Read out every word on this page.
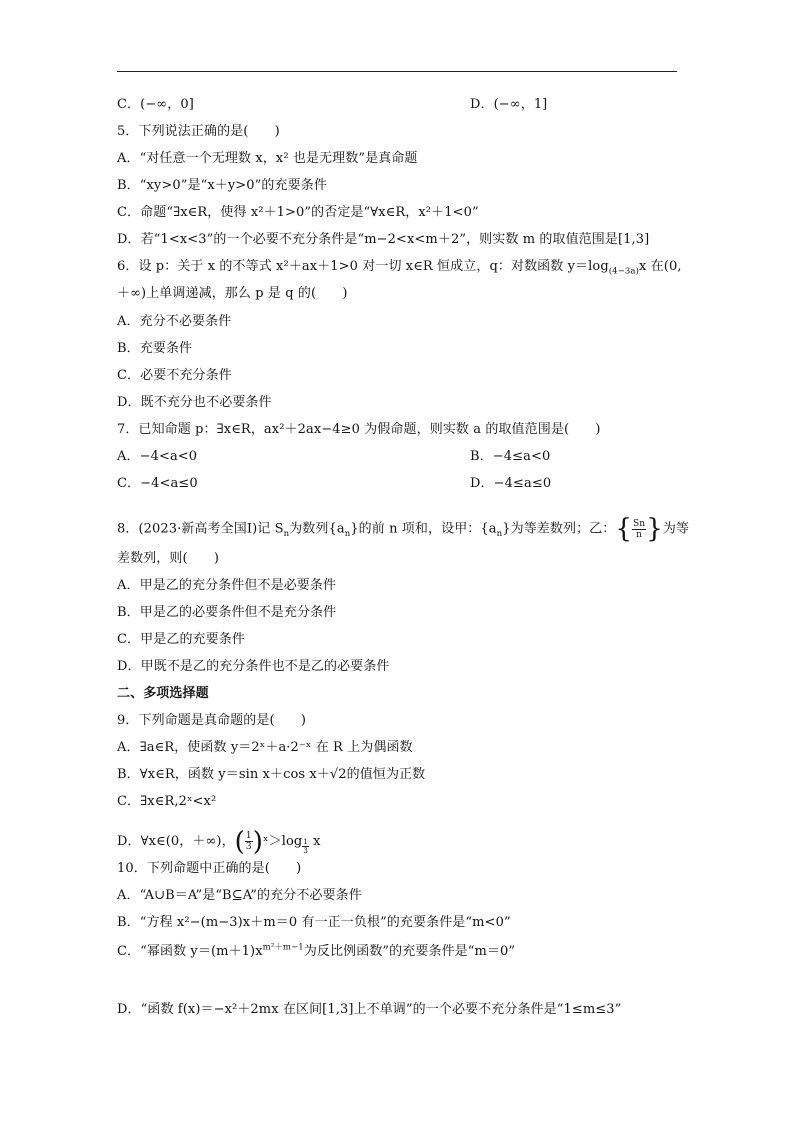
C．(−∞，0]	D．(−∞，1]
5．下列说法正确的是(　　)
A．“对任意一个无理数 x，x² 也是无理数”是真命题
B．“xy>0”是“x＋y>0”的充要条件
C．命题“∃x∈R，使得 x²＋1>0”的否定是“∀x∈R，x²＋1<0”
D．若“1<x<3”的一个必要不充分条件是“m−2<x<m＋2”，则实数 m 的取值范围是[1,3]
6．设 p：关于 x 的不等式 x²＋ax＋1>0 对一切 x∈R 恒成立，q：对数函数 $y=\log_{(4-3a)}x$ 在(0,
＋∞)上单调递减，那么 p 是 q 的(　　)
A．充分不必要条件
B．充要条件
C．必要不充分条件
D．既不充分也不必要条件
7．已知命题 p：∃x∈R，ax²＋2ax−4≥0 为假命题，则实数 a 的取值范围是(　　)
A．−4<a<0	B．−4≤a<0
C．−4<a≤0	D．−4≤a≤0
8．(2023·新高考全国Ⅰ)记 $S_n$为数列$\{a_n\}$的前 n 项和，设甲：$\{a_n\}$为等差数列；乙： { $\frac{Sn}{n}$ } 为等
差数列，则(　　)
A．甲是乙的充分条件但不是必要条件
B．甲是乙的必要条件但不是充分条件
C．甲是乙的充要条件
D．甲既不是乙的充分条件也不是乙的必要条件
二、多项选择题
9．下列命题是真命题的是(　　)
A．∃a∈R，使函数 y＝2ˣ＋a·2⁻ˣ 在 R 上为偶函数
B．∀x∈R，函数 y＝sin x＋cos x＋√2的值恒为正数
C．∃x∈R,2ˣ<x²
D．∀x∈(0，＋∞)， ( $\frac{1}{3}$ ) ˣ＞log $\frac{1}{3}$ x
10．下列命题中正确的是(　　)
A．“A∪B＝A”是“B⊆A”的充分不必要条件
B．“方程 x²−(m−3)x＋m＝0 有一正一负根”的充要条件是“m<0”
C．“幂函数 $y=(m+1)x^{m^2+m-1}$为反比例函数”的充要条件是“m＝0”
D．“函数 f(x)＝−x²＋2mx 在区间[1,3]上不单调”的一个必要不充分条件是“1≤m≤3”
